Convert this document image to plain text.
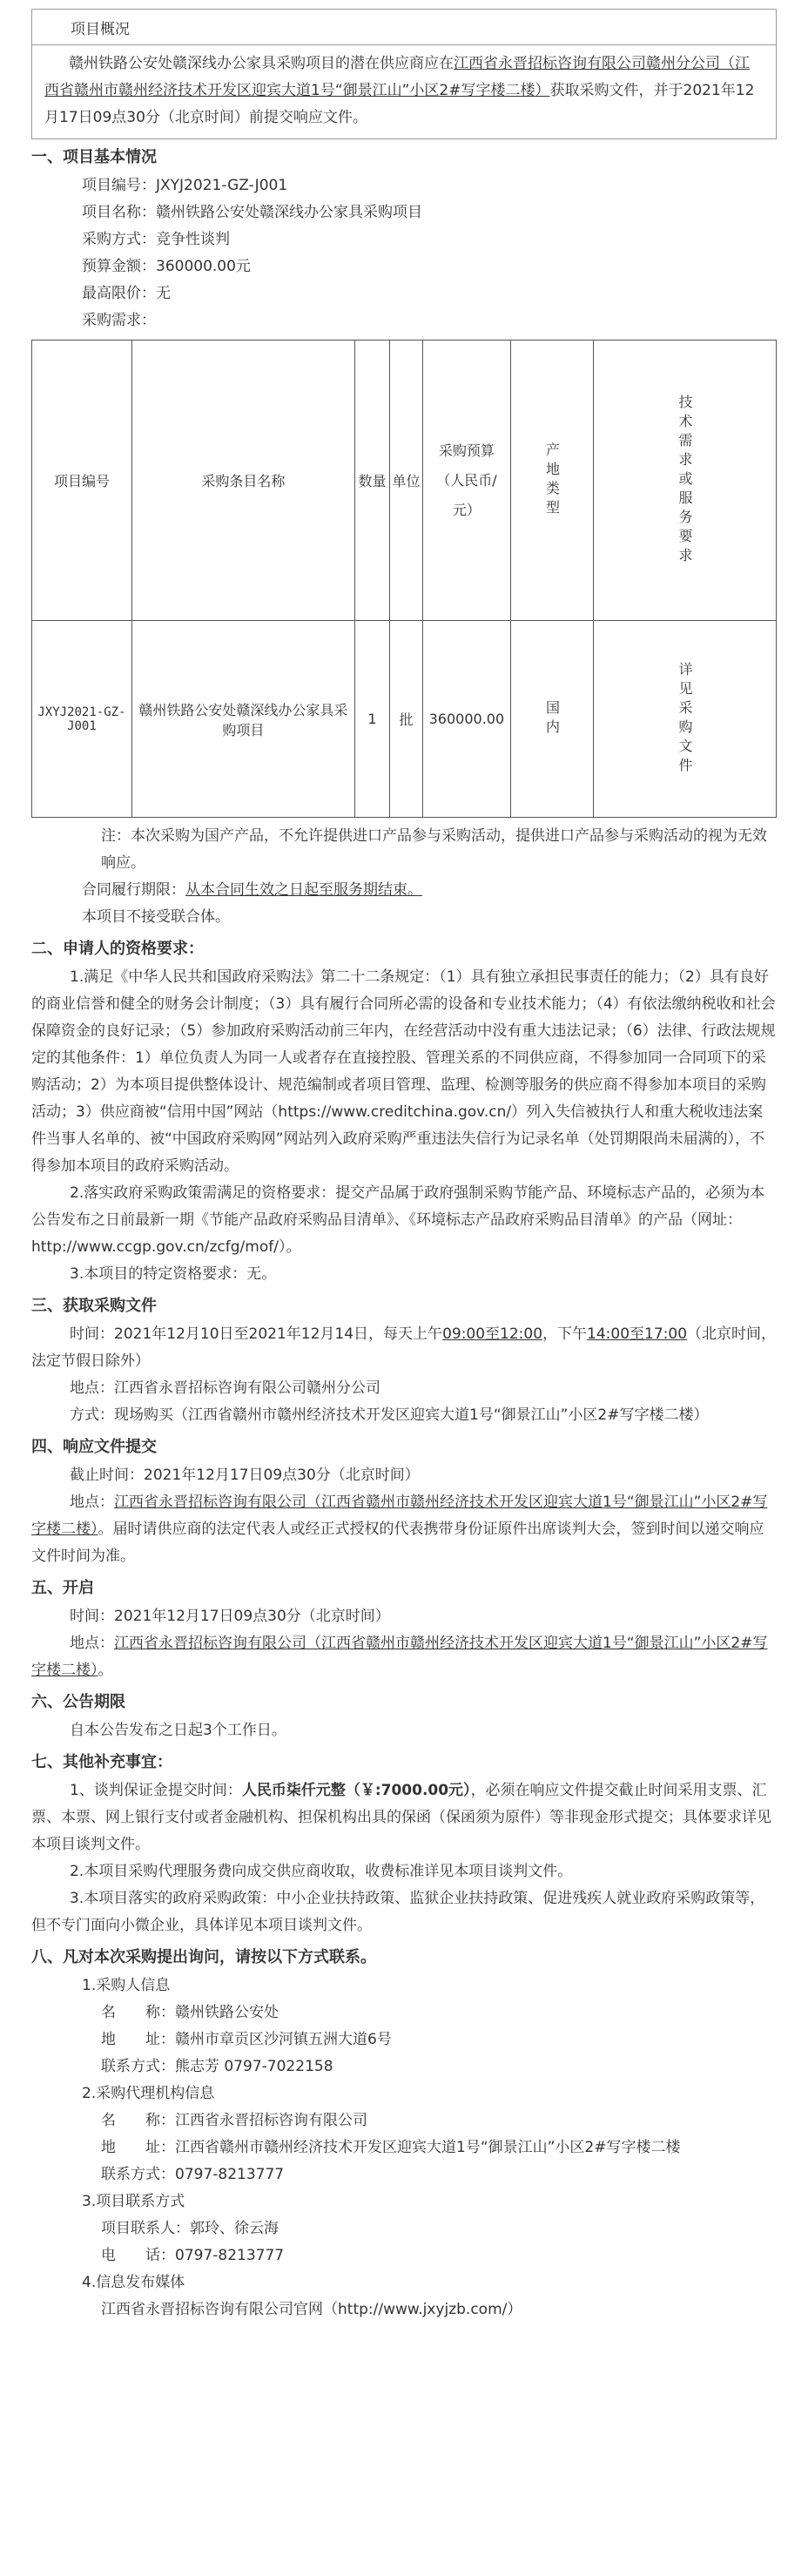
项目概况
赣州铁路公安处赣深线办公家具采购项目的潜在供应商应在江西省永晋招标咨询有限公司赣州分公司（江西省赣州市赣州经济技术开发区迎宾大道1号“御景江山”小区2#写字楼二楼）获取采购文件，并于2021年12月17日09点30分（北京时间）前提交响应文件。
一、项目基本情况
项目编号：JXYJ2021-GZ-J001
项目名称：赣州铁路公安处赣深线办公家具采购项目
采购方式：竞争性谈判
预算金额：360000.00元
最高限价：无
采购需求：
项目编号	采购条目名称	数量	单位	采购预算（人民币/元）	产地类型	技术需求或服务要求

JXYJ2021-GZ-J001	赣州铁路公安处赣深线办公家具采购项目	1	批	360000.00	国内	详见采购文件
注：本次采购为国产产品，不允许提供进口产品参与采购活动，提供进口产品参与采购活动的视为无效响应。
合同履行期限：从本合同生效之日起至服务期结束。
本项目不接受联合体。
二、申请人的资格要求：
1.满足《中华人民共和国政府采购法》第二十二条规定：（1）具有独立承担民事责任的能力；（2）具有良好的商业信誉和健全的财务会计制度；（3）具有履行合同所必需的设备和专业技术能力；（4）有依法缴纳税收和社会保障资金的良好记录；（5）参加政府采购活动前三年内，在经营活动中没有重大违法记录；（6）法律、行政法规规定的其他条件：1）单位负责人为同一人或者存在直接控股、管理关系的不同供应商，不得参加同一合同项下的采购活动；2）为本项目提供整体设计、规范编制或者项目管理、监理、检测等服务的供应商不得参加本项目的采购活动；3）供应商被“信用中国”网站（https://www.creditchina.gov.cn/）列入失信被执行人和重大税收违法案件当事人名单的、被“中国政府采购网”网站列入政府采购严重违法失信行为记录名单（处罚期限尚未届满的），不得参加本项目的政府采购活动。
2.落实政府采购政策需满足的资格要求：提交产品属于政府强制采购节能产品、环境标志产品的，必须为本公告发布之日前最新一期《节能产品政府采购品目清单》、《环境标志产品政府采购品目清单》的产品（网址：http://www.ccgp.gov.cn/zcfg/mof/）。
3.本项目的特定资格要求：无。
三、获取采购文件
时间：2021年12月10日至2021年12月14日，每天上午09:00至12:00，下午14:00至17:00（北京时间，法定节假日除外）
地点：江西省永晋招标咨询有限公司赣州分公司
方式：现场购买（江西省赣州市赣州经济技术开发区迎宾大道1号“御景江山”小区2#写字楼二楼）
四、响应文件提交
截止时间：2021年12月17日09点30分（北京时间）
地点：江西省永晋招标咨询有限公司（江西省赣州市赣州经济技术开发区迎宾大道1号“御景江山”小区2#写字楼二楼）。届时请供应商的法定代表人或经正式授权的代表携带身份证原件出席谈判大会，签到时间以递交响应文件时间为准。
五、开启
时间：2021年12月17日09点30分（北京时间）
地点：江西省永晋招标咨询有限公司（江西省赣州市赣州经济技术开发区迎宾大道1号“御景江山”小区2#写字楼二楼）。
六、公告期限
自本公告发布之日起3个工作日。
七、其他补充事宜：
1、谈判保证金提交时间：人民币柒仟元整（￥:7000.00元），必须在响应文件提交截止时间采用支票、汇票、本票、网上银行支付或者金融机构、担保机构出具的保函（保函须为原件）等非现金形式提交；具体要求详见本项目谈判文件。
2.本项目采购代理服务费向成交供应商收取，收费标准详见本项目谈判文件。
3.本项目落实的政府采购政策：中小企业扶持政策、监狱企业扶持政策、促进残疾人就业政府采购政策等，但不专门面向小微企业，具体详见本项目谈判文件。
八、凡对本次采购提出询问，请按以下方式联系。
1.采购人信息
名　　称：赣州铁路公安处
地　　址：赣州市章贡区沙河镇五洲大道6号
联系方式：熊志芳 0797-7022158
2.采购代理机构信息
名　　称：江西省永晋招标咨询有限公司
地　　址：江西省赣州市赣州经济技术开发区迎宾大道1号“御景江山”小区2#写字楼二楼
联系方式：0797-8213777
3.项目联系方式
项目联系人：郭玲、徐云海
电　　话：0797-8213777
4.信息发布媒体
江西省永晋招标咨询有限公司官网（http://www.jxyjzb.com/）
